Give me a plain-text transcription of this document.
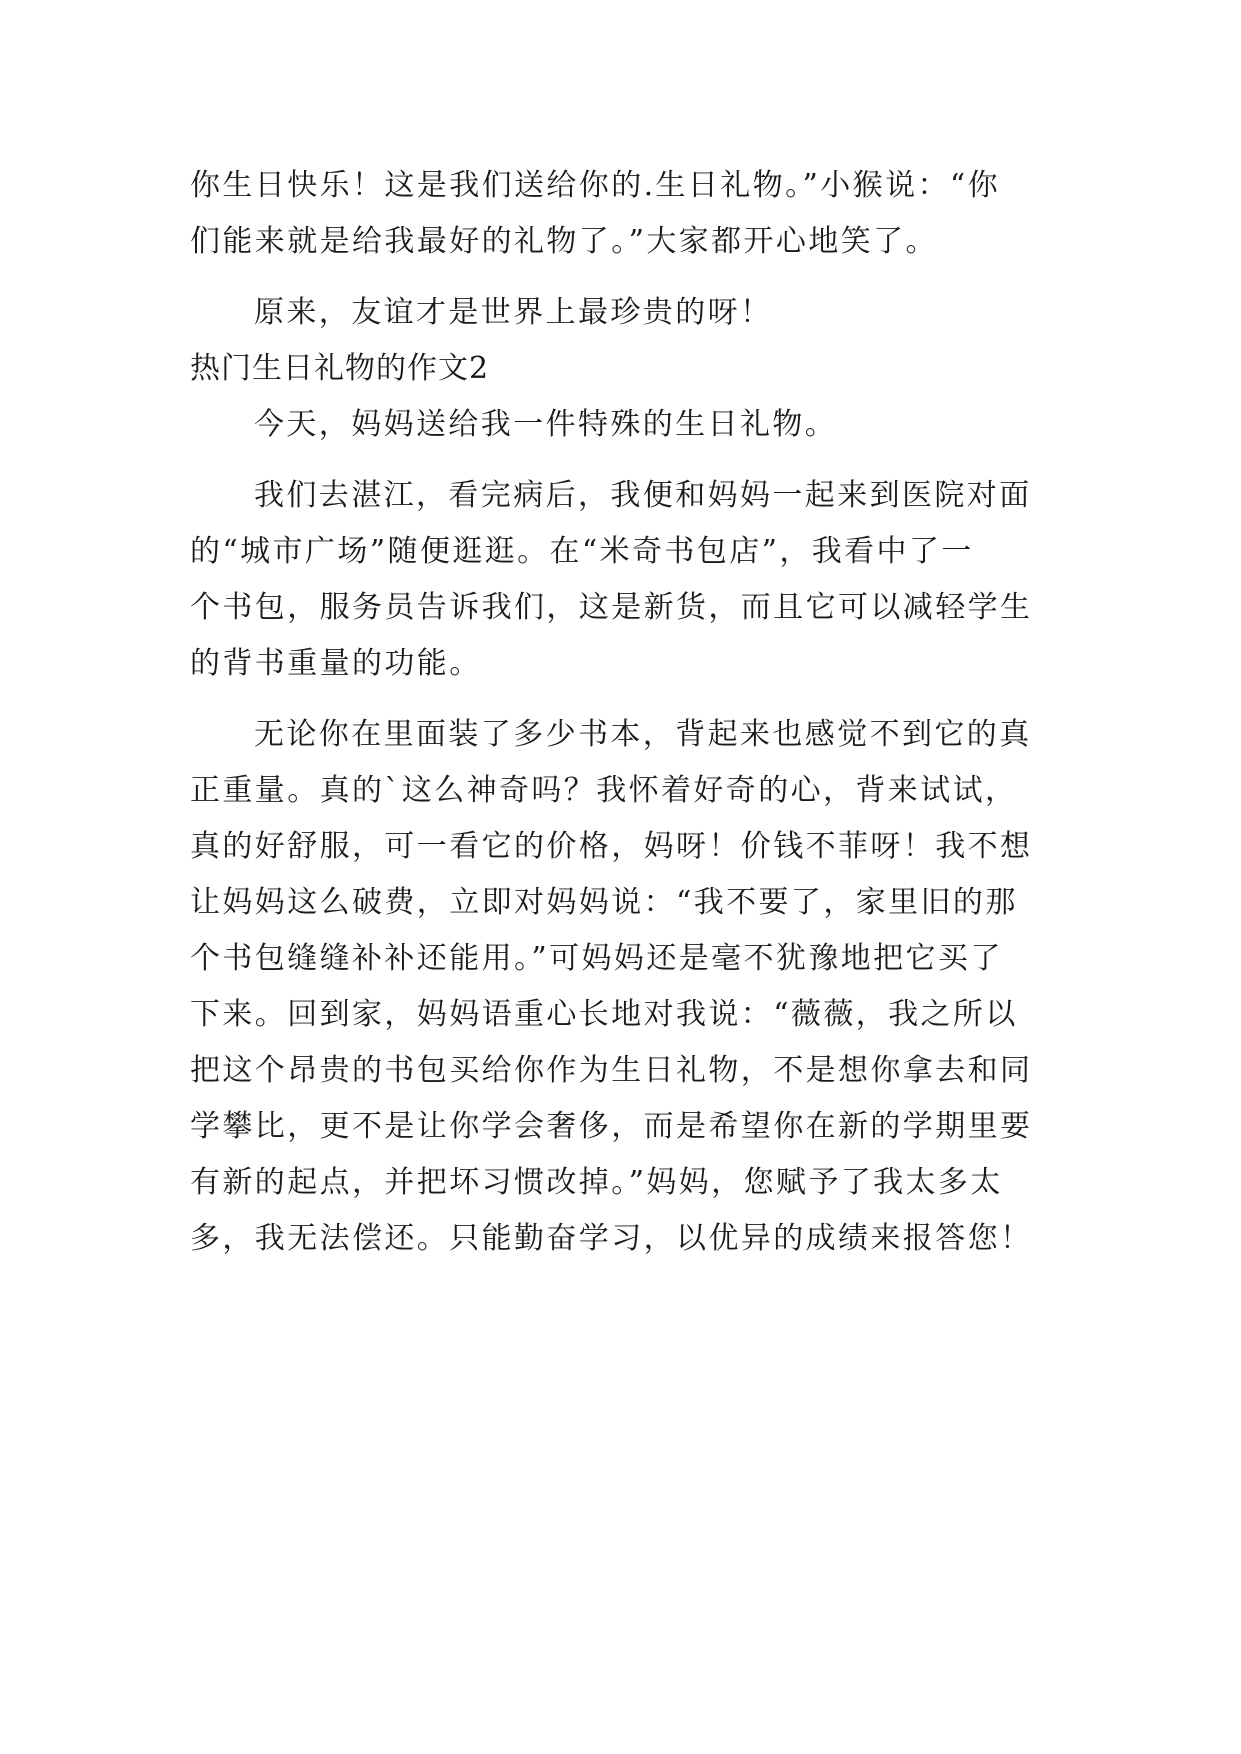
你生日快乐！这是我们送给你的.生日礼物。”小猴说：“你
们能来就是给我最好的礼物了。”大家都开心地笑了。
原来，友谊才是世界上最珍贵的呀！
热门生日礼物的作文2
今天，妈妈送给我一件特殊的生日礼物。
我们去湛江，看完病后，我便和妈妈一起来到医院对面
的“城市广场”随便逛逛。在“米奇书包店”，我看中了一
个书包，服务员告诉我们，这是新货，而且它可以减轻学生
的背书重量的功能。
无论你在里面装了多少书本，背起来也感觉不到它的真
正重量。真的`这么神奇吗？我怀着好奇的心，背来试试，
真的好舒服，可一看它的价格，妈呀！价钱不菲呀！我不想
让妈妈这么破费，立即对妈妈说：“我不要了，家里旧的那
个书包缝缝补补还能用。”可妈妈还是毫不犹豫地把它买了
下来。回到家，妈妈语重心长地对我说：“薇薇，我之所以
把这个昂贵的书包买给你作为生日礼物，不是想你拿去和同
学攀比，更不是让你学会奢侈，而是希望你在新的学期里要
有新的起点，并把坏习惯改掉。”妈妈，您赋予了我太多太
多，我无法偿还。只能勤奋学习，以优异的成绩来报答您！
